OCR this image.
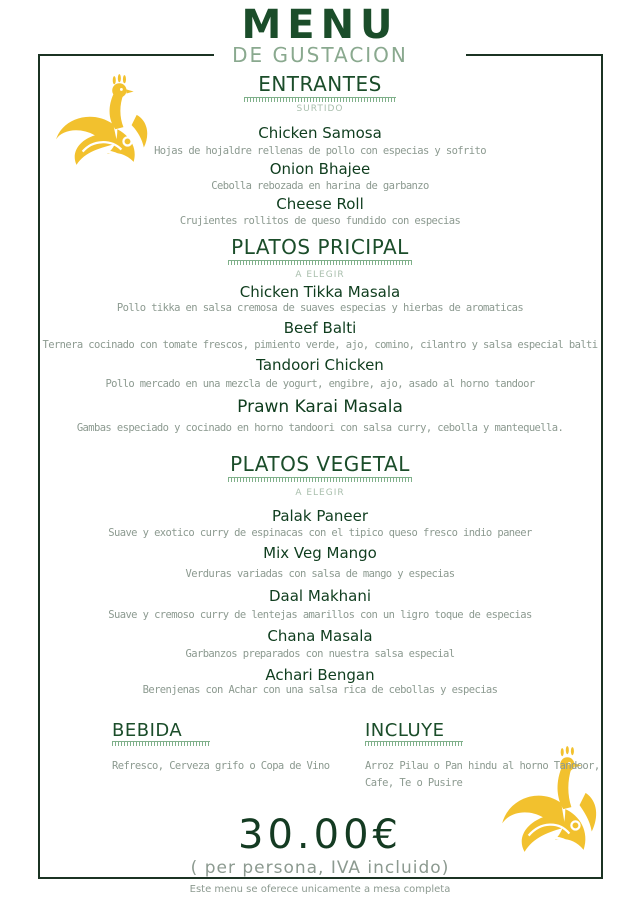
MENU
DE GUSTACION
ENTRANTES
SURTIDO
Chicken Samosa
Hojas de hojaldre rellenas de pollo con especias y sofrito
Onion Bhajee
Cebolla rebozada en harina de garbanzo
Cheese Roll
Crujientes rollitos de queso fundido con especias
PLATOS PRICIPAL
A ELEGIR
Chicken Tikka Masala
Pollo tikka en salsa cremosa de suaves especias y hierbas de aromaticas
Beef Balti
Ternera cocinado con tomate frescos, pimiento verde, ajo, comino, cilantro y salsa especial balti
Tandoori Chicken
Pollo mercado en una mezcla de yogurt, engibre, ajo, asado al horno tandoor
Prawn Karai Masala
Gambas especiado y cocinado en horno tandoori con salsa curry, cebolla y mantequella.
PLATOS VEGETAL
A ELEGIR
Palak Paneer
Suave y exotico curry de espinacas con el tipico queso fresco indio paneer
Mix Veg Mango
Verduras variadas con salsa de mango y especias
Daal Makhani
Suave y cremoso curry de lentejas amarillos con un ligro toque de especias
Chana Masala
Garbanzos preparados con nuestra salsa especial
Achari Bengan
Berenjenas con Achar con una salsa rica de cebollas y especias
BEBIDA
Refresco, Cerveza grifo o Copa de Vino
INCLUYE
Arroz Pilau o Pan hindu al horno Tandoor,
Cafe, Te o Pusire
30.00€
( per persona, IVA incluido)
Este menu se oferece unicamente a mesa completa
